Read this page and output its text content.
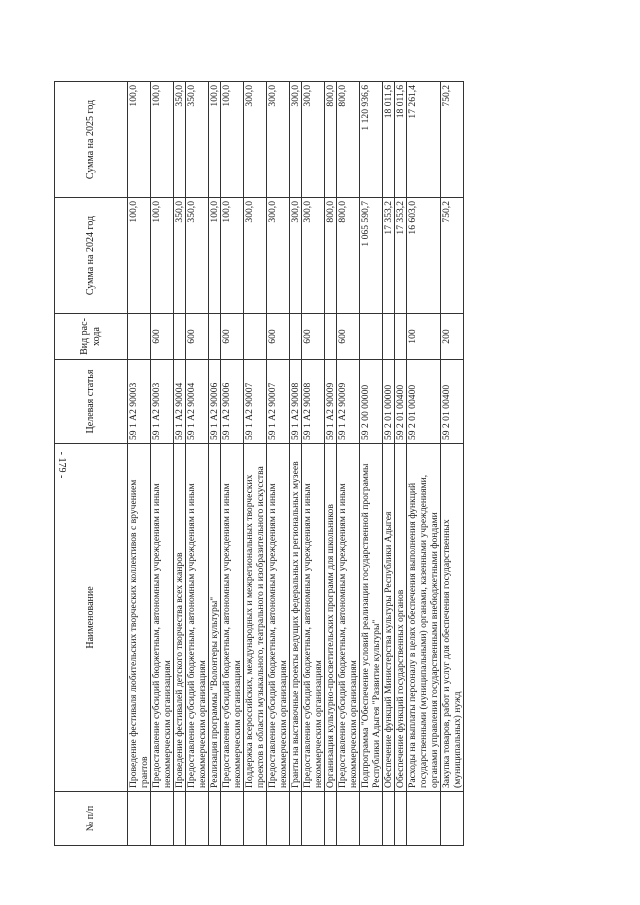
- 179 -
№ п/п	Наименование	Целевая статья	Вид рас-хода	Сумма на 2024 год	Сумма на 2025 год
	Проведение фестиваля любительских творческих коллективов с вручением грантов	59 1 А2 90003		100,0	100,0
	Предоставление субсидий бюджетным, автономным учреждениям и иным некоммерческим организациям	59 1 А2 90003	600	100,0	100,0
	Проведение фестивалей детского творчества всех жанров	59 1 А2 90004		350,0	350,0
	Предоставление субсидий бюджетным, автономным учреждениям и иным некоммерческим организациям	59 1 А2 90004	600	350,0	350,0
	Реализация программы "Волонтеры культуры"	59 1 А2 90006		100,0	100,0
	Предоставление субсидий бюджетным, автономным учреждениям и иным некоммерческим организациям	59 1 А2 90006	600	100,0	100,0
	Поддержка всероссийских, международных и межрегиональных творческих проектов в области музыкального, театрального и изобразительного искусства	59 1 А2 90007		300,0	300,0
	Предоставление субсидий бюджетным, автономным учреждениям и иным некоммерческим организациям	59 1 А2 90007	600	300,0	300,0
	Гранты на выставочные проекты ведущих федеральных и региональных музеев	59 1 А2 90008		300,0	300,0
	Предоставление субсидий бюджетным, автономным учреждениям и иным некоммерческим организациям	59 1 А2 90008	600	300,0	300,0
	Организация культурно-просветительских программ для школьников	59 1 А2 90009		800,0	800,0
	Предоставление субсидий бюджетным, автономным учреждениям и иным некоммерческим организациям	59 1 А2 90009	600	800,0	800,0
	Подпрограмма "Обеспечение условий реализации государственной программы Республики Адыгея "Развитие культуры"	59 2 00 00000		1 065 590,7	1 120 936,6
	Обеспечение функций Министерства культуры Республики Адыгея	59 2 01 00000		17 353,2	18 011,6
	Обеспечение функций государственных органов	59 2 01 00400		17 353,2	18 011,6
	Расходы на выплаты персоналу в целях обеспечения выполнения функций государственными (муниципальными) органами, казенными учреждениями, органами управления государственными внебюджетными фондами	59 2 01 00400	100	16 603,0	17 261,4
	Закупка товаров, работ и услуг для обеспечения государственных (муниципальных) нужд	59 2 01 00400	200	750,2	750,2
